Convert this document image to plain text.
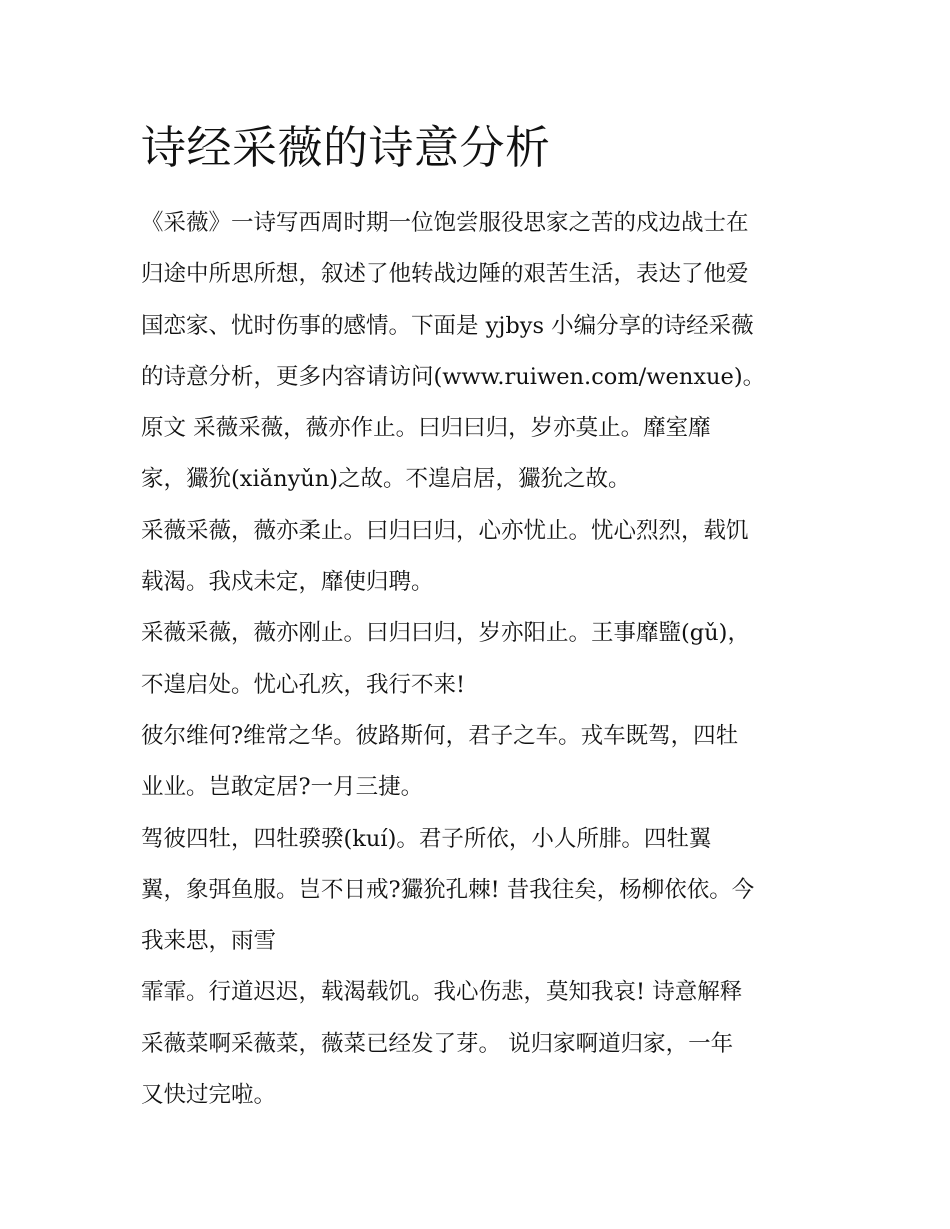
诗经采薇的诗意分析

《采薇》一诗写西周时期一位饱尝服役思家之苦的戍边战士在

归途中所思所想，叙述了他转战边陲的艰苦生活，表达了他爱

国恋家、忧时伤事的感情。下面是 yjbys 小编分享的诗经采薇

的诗意分析，更多内容请访问(www.ruiwen.com/wenxue)。

原文 采薇采薇，薇亦作止。曰归曰归，岁亦莫止。靡室靡

家，玁狁(xiǎnyǔn)之故。不遑启居，玁狁之故。

采薇采薇，薇亦柔止。曰归曰归，心亦忧止。忧心烈烈，载饥

载渴。我戍未定，靡使归聘。

采薇采薇，薇亦刚止。曰归曰归，岁亦阳止。王事靡盬(gǔ)，

不遑启处。忧心孔疚，我行不来!

彼尔维何?维常之华。彼路斯何，君子之车。戎车既驾，四牡

业业。岂敢定居?一月三捷。

驾彼四牡，四牡骙骙(kuí)。君子所依，小人所腓。四牡翼

翼，象弭鱼服。岂不日戒?玁狁孔棘! 昔我往矣，杨柳依依。今

我来思，雨雪

霏霏。行道迟迟，载渴载饥。我心伤悲，莫知我哀! 诗意解释

采薇菜啊采薇菜，薇菜已经发了芽。 说归家啊道归家，一年

又快过完啦。
